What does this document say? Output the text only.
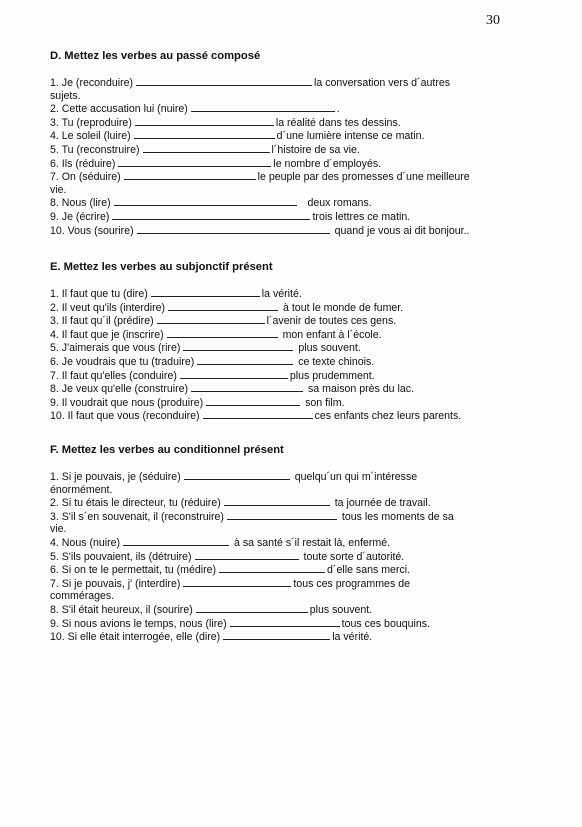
30
D. Mettez les verbes au passé composé
1. Je (reconduire)	la conversation vers d´autres
sujets.
2. Cette accusation lui (nuire)	.
3. Tu (reproduire)	la réalité dans tes dessins.
4. Le soleil (luire)	d´une lumière intense ce matin.
5. Tu (reconstruire)	l´histoire de sa vie.
6. Ils (réduire)	le nombre d´employés.
7. On (séduire)	le peuple par des promesses d´une meilleure
vie.
8. Nous (lire)	deux romans.
9. Je (écrire)	trois lettres ce matin.
10. Vous (sourire)	quand je vous ai dit bonjour..
E. Mettez les verbes au subjonctif présent
1. Il faut que tu (dire)	la vérité.
2. Il veut qu'ils (interdire)	à tout le monde de fumer.
3. Il faut qu´il (prédire)	l´avenir de toutes ces gens.
4. Il faut que je (inscrire)	mon enfant à l´école.
5. J'aimerais que vous (rire)	plus souvent.
6. Je voudrais que tu (traduire)	ce texte chinois.
7. Il faut qu'elles (conduire)	plus prudemment.
8. Je veux qu'elle (construire)	sa maison près du lac.
9. Il voudrait que nous (produire)	son film.
10. Il faut que vous (reconduire)	ces enfants chez leurs parents.
F. Mettez les verbes au conditionnel présent
1. Si je pouvais, je (séduire)	quelqu´un qui m´intéresse
énormément.
2. Si tu étais le directeur, tu (réduire)	ta journée de travail.
3. S'il s´en souvenait, il (reconstruire)	tous les moments de sa
vie.
4. Nous (nuire)	à sa santé s´il restait là, enfermé.
5. S'ils pouvaient, ils (détruire)	toute sorte d´autorité.
6. Si on te le permettait, tu (médire)	d´elle sans merci.
7. Si je pouvais, j' (interdire)	tous ces programmes de
commérages.
8. S'il était heureux, il (sourire)	plus souvent.
9. Si nous avions le temps, nous (lire)	tous ces bouquins.
10. Si elle était interrogée, elle (dire)	la vérité.
